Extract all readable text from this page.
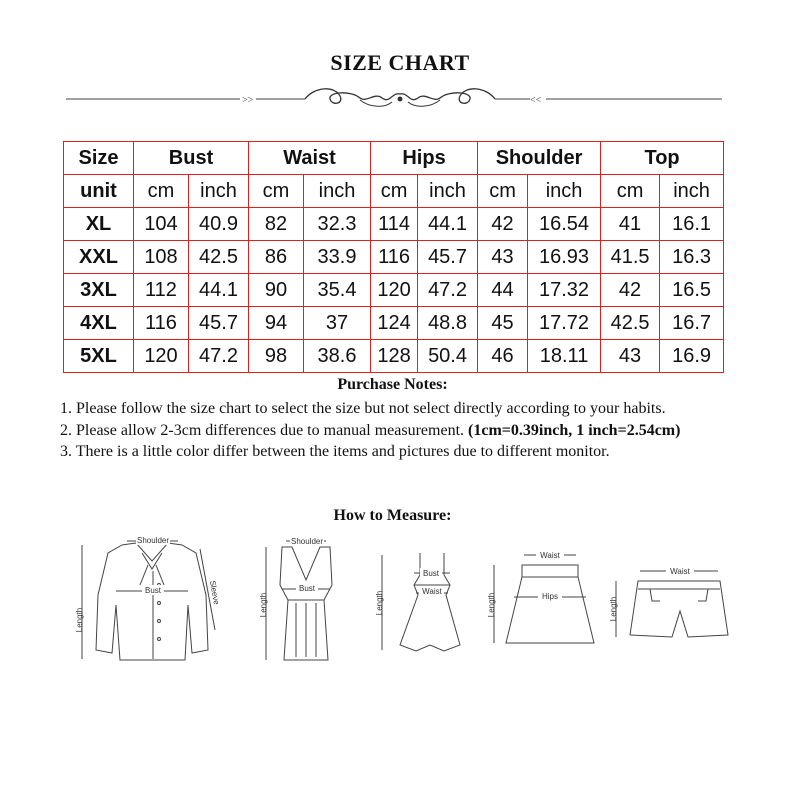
SIZE CHART
>>	<<
Size	Bust		Waist		Hips		Shoulder		Top	
unit	cm	inch	cm	inch	cm	inch	cm	inch	cm	inch
XL	104	40.9	82	32.3	114	44.1	42	16.54	41	16.1
XXL	108	42.5	86	33.9	116	45.7	43	16.93	41.5	16.3
3XL	112	44.1	90	35.4	120	47.2	44	17.32	42	16.5
4XL	116	45.7	94	37	124	48.8	45	17.72	42.5	16.7
5XL	120	47.2	98	38.6	128	50.4	46	18.11	43	16.9
Purchase Notes:

1. Please follow the size chart to select the size but not select directly according to your habits.

2. Please allow 2-3cm differences due to manual measurement. (1cm=0.39inch, 1 inch=2.54cm)

3. There is a little color differ between the items and pictures due to different monitor.

How to Measure:
Shoulder
Bust
Length
Sleeve
Shoulder
Bust
Length
Bust
Waist
Length
Waist
Hips
Length
Waist
Length
